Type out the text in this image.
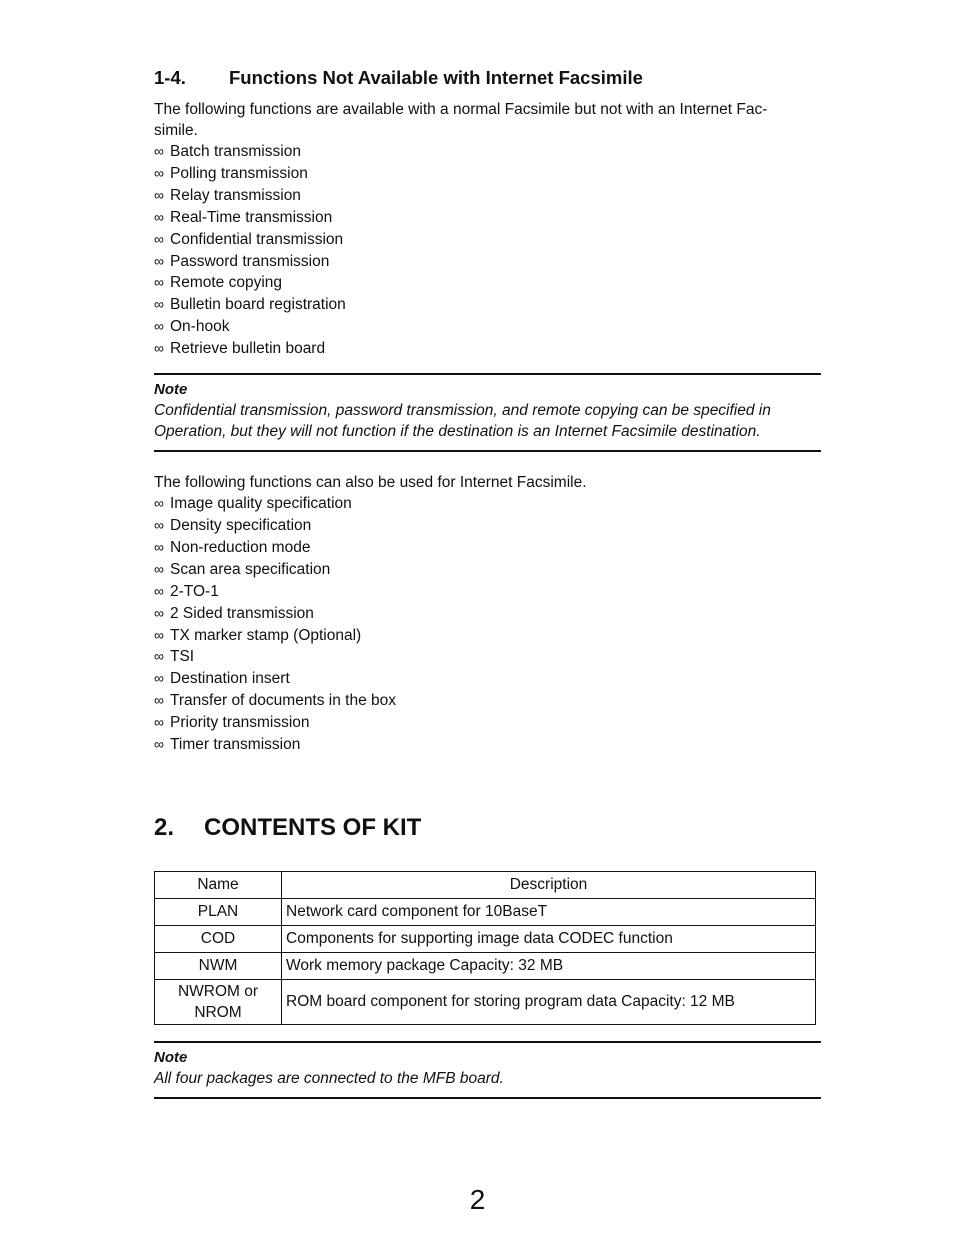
1-4.	Functions Not Available with Internet Facsimile

The following functions are available with a normal Facsimile but not with an Internet Fac-
simile.

∞ Batch transmission
∞ Polling transmission
∞ Relay transmission
∞ Real-Time transmission
∞ Confidential transmission
∞ Password transmission
∞ Remote copying
∞ Bulletin board registration
∞ On-hook
∞ Retrieve bulletin board
Note
Confidential transmission, password transmission, and remote copying can be specified in
Operation, but they will not function if the destination is an Internet Facsimile destination.

The following functions can also be used for Internet Facsimile.

∞ Image quality specification
∞ Density specification
∞ Non-reduction mode
∞ Scan area specification
∞ 2-TO-1
∞ 2 Sided transmission
∞ TX marker stamp (Optional)
∞ TSI
∞ Destination insert
∞ Transfer of documents in the box
∞ Priority transmission
∞ Timer transmission
2.	CONTENTS OF KIT
Name	Description
PLAN	Network card component for 10BaseT
COD	Components for supporting image data CODEC function
NWM	Work memory package Capacity: 32 MB
NWROM or
NROM	ROM board component for storing program data Capacity: 12 MB
Note
All four packages are connected to the MFB board.
2
